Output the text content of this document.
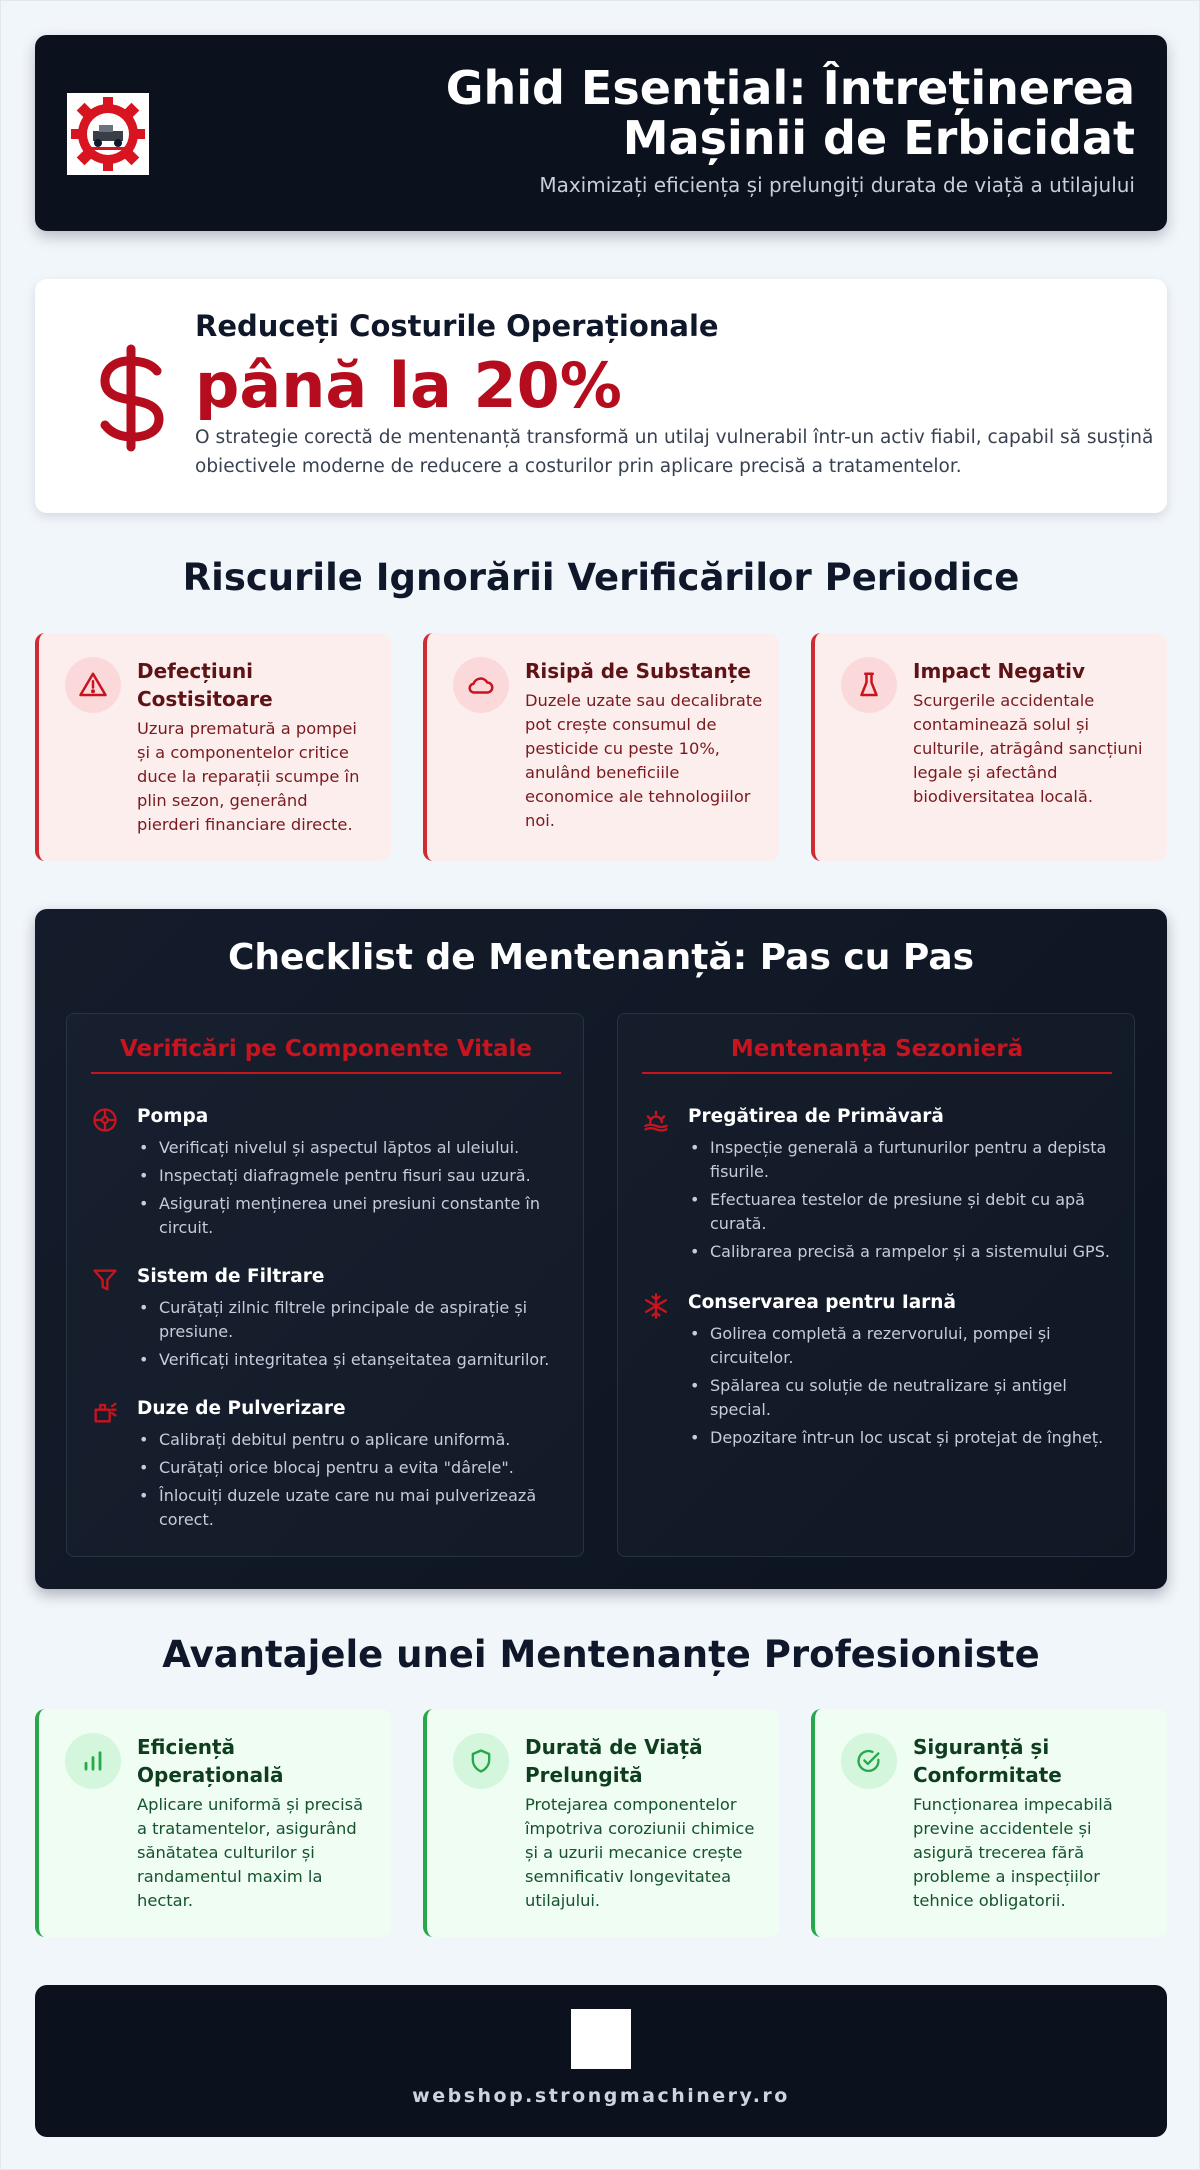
Ghid Esențial: Întreținerea
Mașinii de Erbicidat
Maximizați eficiența și prelungiți durata de viață a utilajului
Reduceți Costurile Operaționale
până la 20%
O strategie corectă de mentenanță transformă un utilaj vulnerabil într-un activ fiabil, capabil să susțină obiectivele moderne de reducere a costurilor prin aplicare precisă a tratamentelor.
Riscurile Ignorării Verificărilor Periodice
Defecțiuni Costisitoare
Uzura prematură a pompei și a componentelor critice duce la reparații scumpe în plin sezon, generând pierderi financiare directe.
Risipă de Substanțe
Duzele uzate sau decalibrate pot crește consumul de pesticide cu peste 10%, anulând beneficiile economice ale tehnologiilor noi.
Impact Negativ
Scurgerile accidentale contaminează solul și culturile, atrăgând sancțiuni legale și afectând biodiversitatea locală.
Checklist de Mentenanță: Pas cu Pas
Verificări pe Componente Vitale
Pompa
• Verificați nivelul și aspectul lăptos al uleiului.
• Inspectați diafragmele pentru fisuri sau uzură.
• Asigurați menținerea unei presiuni constante în circuit.
Sistem de Filtrare
• Curățați zilnic filtrele principale de aspirație și presiune.
• Verificați integritatea și etanșeitatea garniturilor.
Duze de Pulverizare
• Calibrați debitul pentru o aplicare uniformă.
• Curățați orice blocaj pentru a evita "dârele".
• Înlocuiți duzele uzate care nu mai pulverizează corect.
Mentenanța Sezonieră
Pregătirea de Primăvară
• Inspecție generală a furtunurilor pentru a depista fisurile.
• Efectuarea testelor de presiune și debit cu apă curată.
• Calibrarea precisă a rampelor și a sistemului GPS.
Conservarea pentru Iarnă
• Golirea completă a rezervorului, pompei și circuitelor.
• Spălarea cu soluție de neutralizare și antigel special.
• Depozitare într-un loc uscat și protejat de îngheț.
Avantajele unei Mentenanțe Profesioniste
Eficiență Operațională
Aplicare uniformă și precisă a tratamentelor, asigurând sănătatea culturilor și randamentul maxim la hectar.
Durată de Viață Prelungită
Protejarea componentelor împotriva coroziunii chimice și a uzurii mecanice crește semnificativ longevitatea utilajului.
Siguranță și Conformitate
Funcționarea impecabilă previne accidentele și asigură trecerea fără probleme a inspecțiilor tehnice obligatorii.
webshop.strongmachinery.ro
